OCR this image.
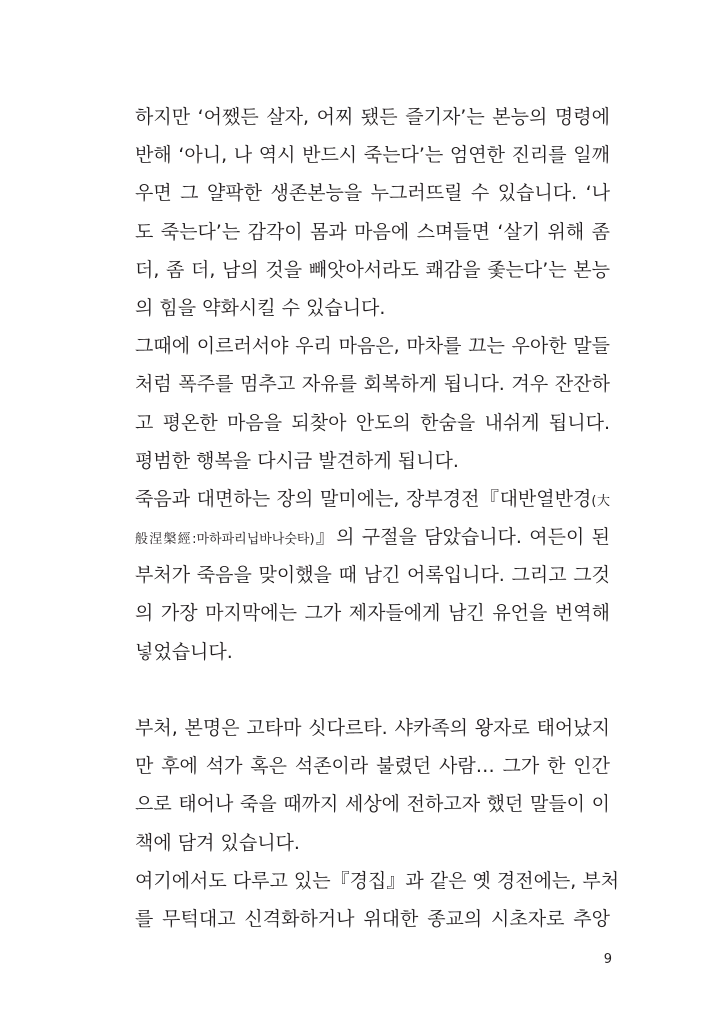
하지만 ‘어쨌든 살자, 어찌 됐든 즐기자’는 본능의 명령에
반해 ‘아니, 나 역시 반드시 죽는다’는 엄연한 진리를 일깨
우면 그 얄팍한 생존본능을 누그러뜨릴 수 있습니다. ‘나
도 죽는다’는 감각이 몸과 마음에 스며들면 ‘살기 위해 좀
더, 좀 더, 남의 것을 빼앗아서라도 쾌감을 좇는다’는 본능
의 힘을 약화시킬 수 있습니다.
그때에 이르러서야 우리 마음은, 마차를 끄는 우아한 말들
처럼 폭주를 멈추고 자유를 회복하게 됩니다. 겨우 잔잔하
고 평온한 마음을 되찾아 안도의 한숨을 내쉬게 됩니다.
평범한 행복을 다시금 발견하게 됩니다.
죽음과 대면하는 장의 말미에는, 장부경전『대반열반경(大
般涅槃經:마하파리닙바나숫타)』의 구절을 담았습니다. 여든이 된
부처가 죽음을 맞이했을 때 남긴 어록입니다. 그리고 그것
의 가장 마지막에는 그가 제자들에게 남긴 유언을 번역해
넣었습니다.
부처, 본명은 고타마 싯다르타. 샤카족의 왕자로 태어났지
만 후에 석가 혹은 석존이라 불렸던 사람… 그가 한 인간
으로 태어나 죽을 때까지 세상에 전하고자 했던 말들이 이
책에 담겨 있습니다.
여기에서도 다루고 있는『경집』과 같은 옛 경전에는, 부처
를 무턱대고 신격화하거나 위대한 종교의 시초자로 추앙
9
